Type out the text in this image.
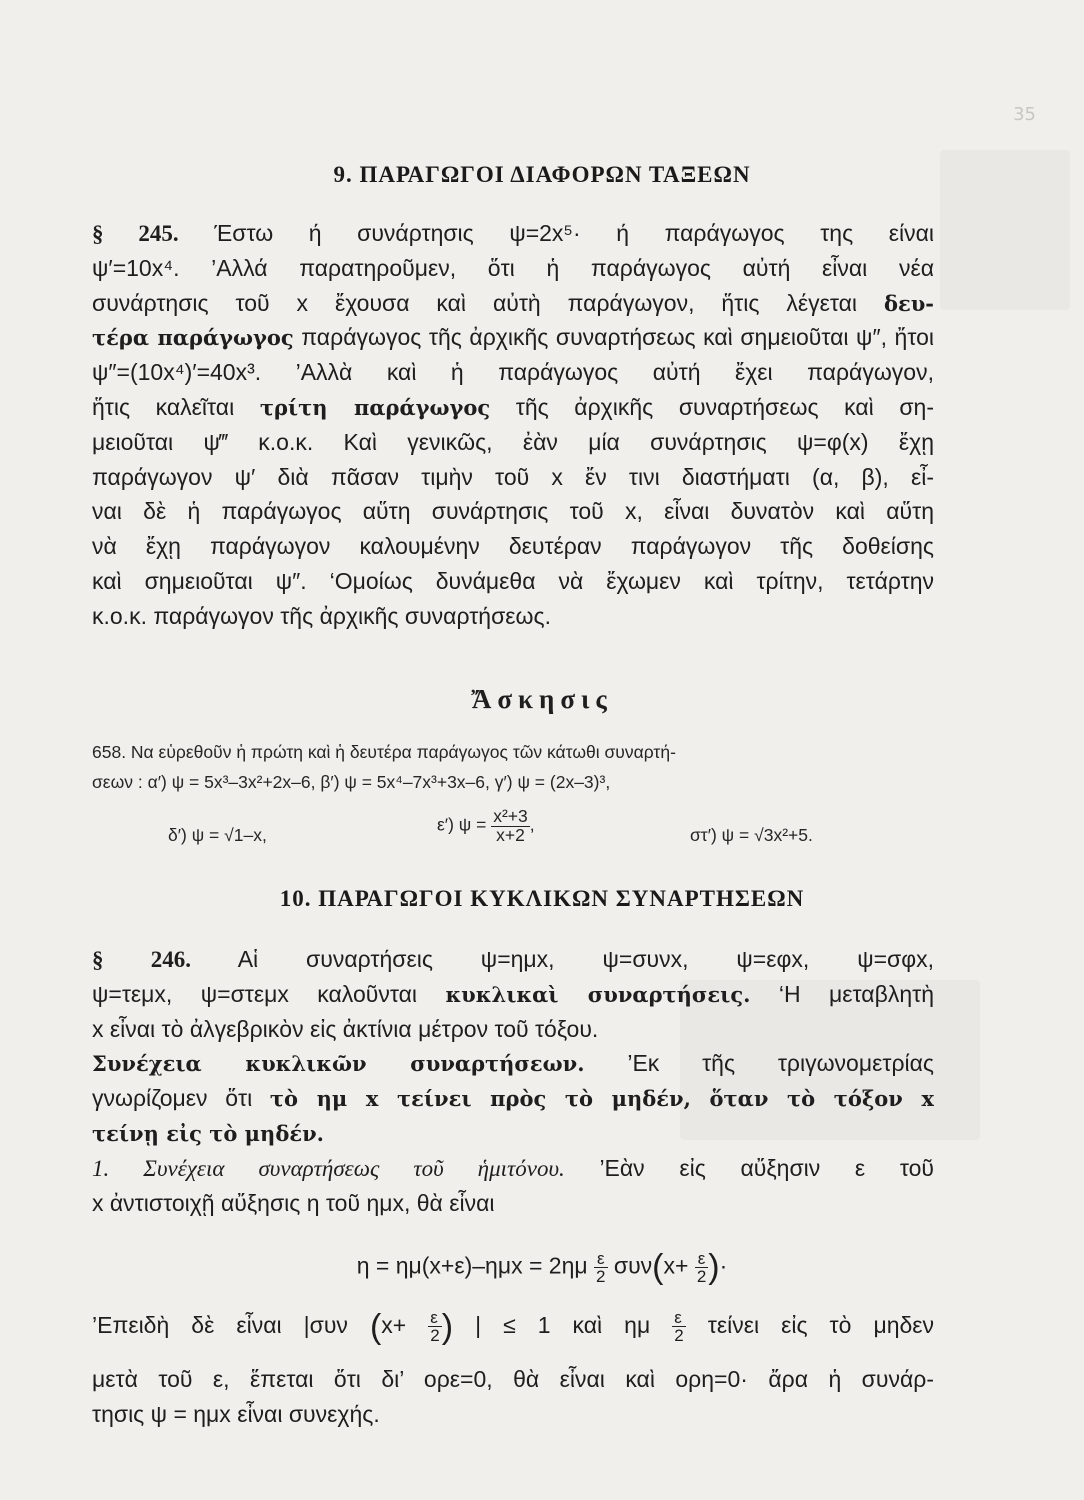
35
9. ΠΑΡΑΓΩΓΟΙ ΔΙΑΦΟΡΩΝ ΤΑΞΕΩΝ
§ 245. Έστω ή συνάρτησις ψ=2x⁵· ή παράγωγος της είναι
ψ′=10x⁴. ’Αλλά παρατηροῦμεν, ὅτι ἡ παράγωγος αὐτή εἶναι νέα
συνάρτησις τοῦ x ἔχουσα καὶ αὐτὴ παράγωγον, ἥτις λέγεται δευ-
τέρα παράγωγος παράγωγος τῆς ἀρχικῆς συναρτήσεως καὶ σημειοῦται ψ″, ἤτοι
ψ″=(10x⁴)′=40x³. ’Αλλὰ καὶ ἡ παράγωγος αὐτή ἔχει παράγωγον,
ἥτις καλεῖται τρίτη παράγωγος τῆς ἀρχικῆς συναρτήσεως καὶ ση-
μειοῦται ψ‴ κ.ο.κ. Καὶ γενικῶς, ἐὰν μία συνάρτησις ψ=φ(x) ἔχῃ
παράγωγον ψ′ διὰ πᾶσαν τιμὴν τοῦ x ἔν τινι διαστήματι (α, β), εἶ-
ναι δὲ ἡ παράγωγος αὕτη συνάρτησις τοῦ x, εἶναι δυνατὸν καὶ αὕτη
νὰ ἔχῃ παράγωγον καλουμένην δευτέραν παράγωγον τῆς δοθείσης
καὶ σημειοῦται ψ″. ‘Ομοίως δυνάμεθα νὰ ἔχωμεν καὶ τρίτην, τετάρτην
κ.ο.κ. παράγωγον τῆς ἀρχικῆς συναρτήσεως.
Ἄσκησις
658. Να εὑρεθοῦν ἡ πρώτη καὶ ἡ δευτέρα παράγωγος τῶν κάτωθι συναρτή-
σεων : α′) ψ = 5x³–3x²+2x–6, β′) ψ = 5x⁴–7x³+3x–6, γ′) ψ = (2x–3)³,
δ′) ψ = √1–x,
ε′) $\psi = \frac{\text{x²+3}}{x+2}$ ,
στ′) ψ = √3x²+5.
10. ΠΑΡΑΓΩΓΟΙ ΚΥΚΛΙΚΩΝ ΣΥΝΑΡΤΗΣΕΩΝ
§ 246. Αἱ συναρτήσεις ψ=ημx, ψ=συνx, ψ=εφx, ψ=σφx,
ψ=τεμx, ψ=στεμx καλοῦνται κυκλικαὶ συναρτήσεις. ‘Η μεταβλητὴ
x εἶναι τὸ ἀλγεβρικὸν εἰς ἀκτίνια μέτρον τοῦ τόξου.
Συνέχεια κυκλικῶν συναρτήσεων. ’Εκ τῆς τριγωνομετρίας
γνωρίζομεν ὅτι τὸ ημ x τείνει πρὸς τὸ μηδέν, ὅταν τὸ τόξον x
τείνῃ εἰς τὸ μηδέν.
1. Συνέχεια συναρτήσεως τοῦ ἡμιτόνου. ’Εὰν εἰς αὔξησιν ε τοῦ
x ἀντιστοιχῇ αὔξησις η τοῦ ημx, θὰ εἶναι
$\eta = \eta\mu(x+\varepsilon)-\eta\mu x = 2\eta\mu \frac{\varepsilon}{2} \sigma\upsilon\nu(x+ \frac{\varepsilon}{2}$ )·
’Επειδὴ δὲ εἶναι |συν ($x+ \frac{\varepsilon}{2}$ ) | ≤ 1 καὶ ημ $\frac{\varepsilon}{2}$ τείνει εἰς τὸ μηδεν
μετὰ τοῦ ε, ἕπεται ὅτι δι’ ορε=0, θὰ εἶναι καὶ ορη=0· ἄρα ἡ συνάρ-
τησις ψ = ημx εἶναι συνεχής.
